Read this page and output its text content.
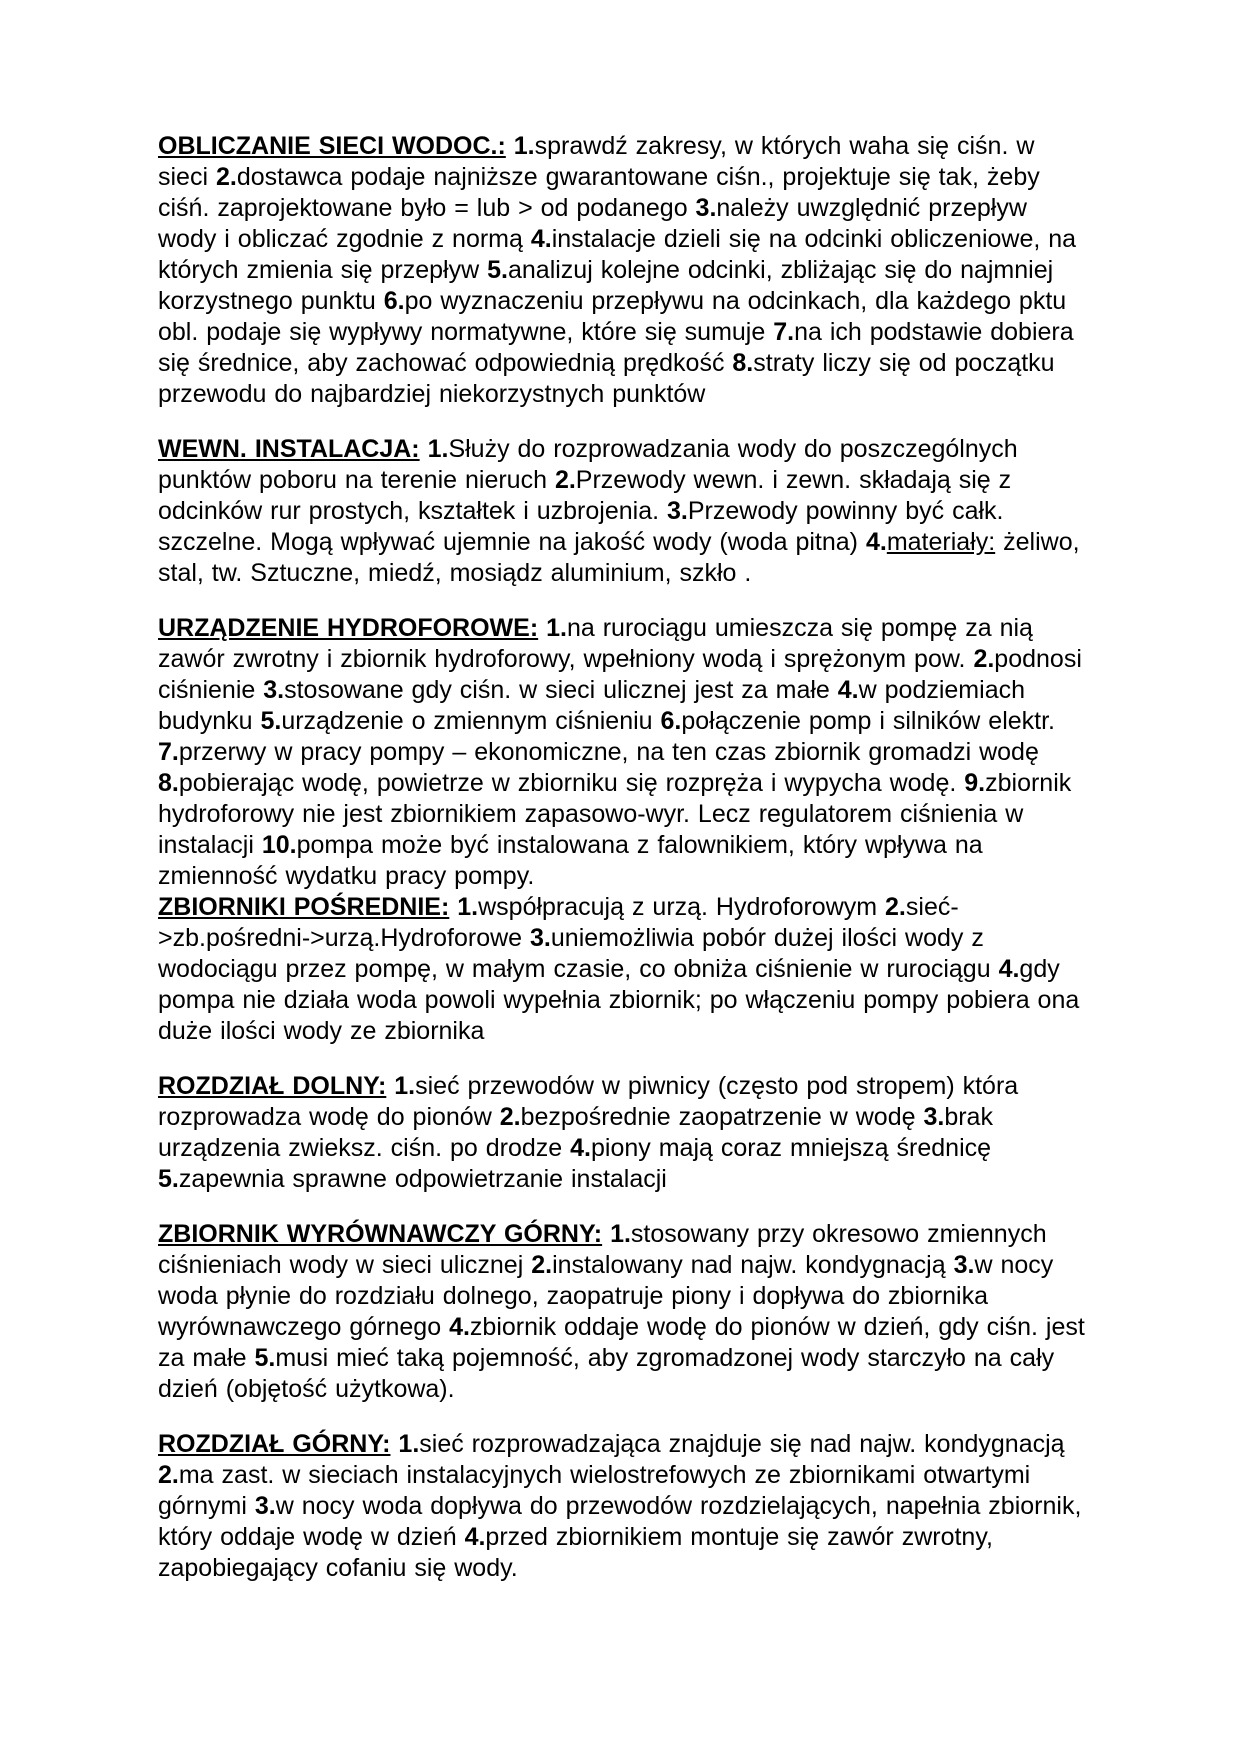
OBLICZANIE SIECI WODOC.: 1.sprawdź zakresy, w których waha się ciśn. w sieci 2.dostawca podaje najniższe gwarantowane ciśn., projektuje się tak, żeby ciśń. zaprojektowane było = lub > od podanego 3.należy uwzględnić przepływ wody i obliczać zgodnie z normą 4.instalacje dzieli się na odcinki obliczeniowe, na których zmienia się przepływ 5.analizuj kolejne odcinki, zbliżając się do najmniej korzystnego punktu 6.po wyznaczeniu przepływu na odcinkach, dla każdego pktu obl. podaje się wypływy normatywne, które się sumuje 7.na ich podstawie dobiera się średnice, aby zachować odpowiednią prędkość 8.straty liczy się od początku przewodu do najbardziej niekorzystnych punktów

WEWN. INSTALACJA: 1.Służy do rozprowadzania wody do poszczególnych punktów poboru na terenie nieruch 2.Przewody wewn. i zewn. składają się z odcinków rur prostych, kształtek i uzbrojenia. 3.Przewody powinny być całk. szczelne. Mogą wpływać ujemnie na jakość wody (woda pitna) 4.materiały: żeliwo, stal, tw. Sztuczne, miedź, mosiądz aluminium, szkło .

URZĄDZENIE HYDROFOROWE: 1.na rurociągu umieszcza się pompę za nią zawór zwrotny i zbiornik hydroforowy, wpełniony wodą i sprężonym pow. 2.podnosi ciśnienie 3.stosowane gdy ciśn. w sieci ulicznej jest za małe 4.w podziemiach budynku 5.urządzenie o zmiennym ciśnieniu 6.połączenie pomp i silników elektr. 7.przerwy w pracy pompy – ekonomiczne, na ten czas zbiornik gromadzi wodę 8.pobierając wodę, powietrze w zbiorniku się rozpręża i wypycha wodę. 9.zbiornik hydroforowy nie jest zbiornikiem zapasowo-wyr. Lecz regulatorem ciśnienia w instalacji 10.pompa może być instalowana z falownikiem, który wpływa na zmienność wydatku pracy pompy.

ZBIORNIKI POŚREDNIE: 1.współpracują z urzą. Hydroforowym 2.sieć->zb.pośredni->urzą.Hydroforowe 3.uniemożliwia pobór dużej ilości wody z wodociągu przez pompę, w małym czasie, co obniża ciśnienie w rurociągu 4.gdy pompa nie działa woda powoli wypełnia zbiornik; po włączeniu pompy pobiera ona duże ilości wody ze zbiornika

ROZDZIAŁ DOLNY: 1.sieć przewodów w piwnicy (często pod stropem) która rozprowadza wodę do pionów 2.bezpośrednie zaopatrzenie w wodę 3.brak urządzenia zwieksz. ciśn. po drodze 4.piony mają coraz mniejszą średnicę 5.zapewnia sprawne odpowietrzanie instalacji

ZBIORNIK WYRÓWNAWCZY GÓRNY: 1.stosowany przy okresowo zmiennych ciśnieniach wody w sieci ulicznej 2.instalowany nad najw. kondygnacją 3.w nocy woda płynie do rozdziału dolnego, zaopatruje piony i dopływa do zbiornika wyrównawczego górnego 4.zbiornik oddaje wodę do pionów w dzień, gdy ciśn. jest za małe 5.musi mieć taką pojemność, aby zgromadzonej wody starczyło na cały dzień (objętość użytkowa).

ROZDZIAŁ GÓRNY: 1.sieć rozprowadzająca znajduje się nad najw. kondygnacją 2.ma zast. w sieciach instalacyjnych wielostrefowych ze zbiornikami otwartymi górnymi 3.w nocy woda dopływa do przewodów rozdzielających, napełnia zbiornik, który oddaje wodę w dzień 4.przed zbiornikiem montuje się zawór zwrotny, zapobiegający cofaniu się wody.
